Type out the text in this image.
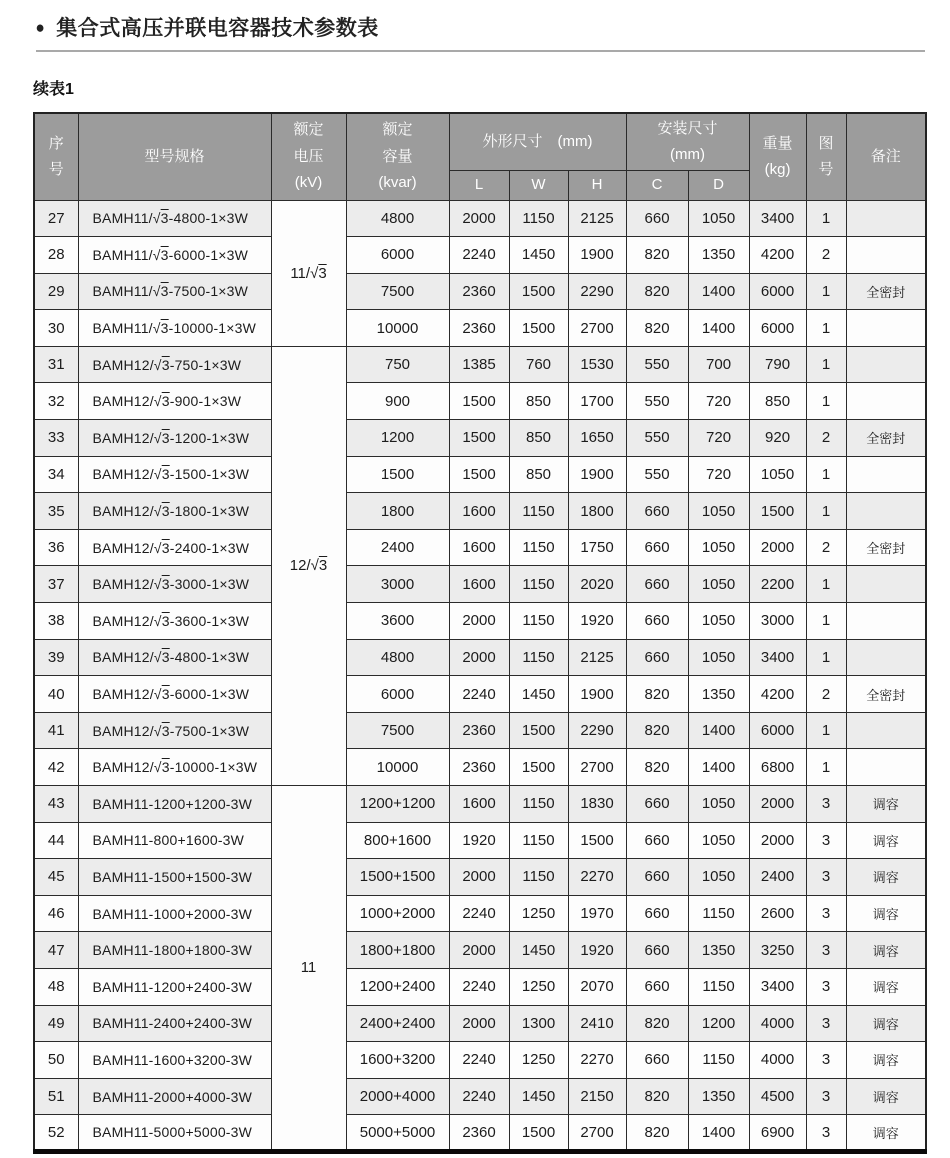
● 集合式高压并联电容器技术参数表
续表1
序
号	型号规格	额定
电压
(kV)	额定
容量
(kvar)	外形尺寸　(mm)			安装尺寸
(mm)		重量
(kg)	图
号	备注
				L	W	H	C	D			
27	BAMH11/√3-4800-1×3W	11/√3	4800	2000	1150	2125	660	1050	3400	1	
28	BAMH11/√3-6000-1×3W		6000	2240	1450	1900	820	1350	4200	2	
29	BAMH11/√3-7500-1×3W		7500	2360	1500	2290	820	1400	6000	1	全密封
30	BAMH11/√3-10000-1×3W		10000	2360	1500	2700	820	1400	6000	1	
31	BAMH12/√3-750-1×3W	12/√3	750	1385	760	1530	550	700	790	1	
32	BAMH12/√3-900-1×3W		900	1500	850	1700	550	720	850	1	
33	BAMH12/√3-1200-1×3W		1200	1500	850	1650	550	720	920	2	全密封
34	BAMH12/√3-1500-1×3W		1500	1500	850	1900	550	720	1050	1	
35	BAMH12/√3-1800-1×3W		1800	1600	1150	1800	660	1050	1500	1	
36	BAMH12/√3-2400-1×3W		2400	1600	1150	1750	660	1050	2000	2	全密封
37	BAMH12/√3-3000-1×3W		3000	1600	1150	2020	660	1050	2200	1	
38	BAMH12/√3-3600-1×3W		3600	2000	1150	1920	660	1050	3000	1	
39	BAMH12/√3-4800-1×3W		4800	2000	1150	2125	660	1050	3400	1	
40	BAMH12/√3-6000-1×3W		6000	2240	1450	1900	820	1350	4200	2	全密封
41	BAMH12/√3-7500-1×3W		7500	2360	1500	2290	820	1400	6000	1	
42	BAMH12/√3-10000-1×3W		10000	2360	1500	2700	820	1400	6800	1	
43	BAMH11-1200+1200-3W	11	1200+1200	1600	1150	1830	660	1050	2000	3	调容
44	BAMH11-800+1600-3W		800+1600	1920	1150	1500	660	1050	2000	3	调容
45	BAMH11-1500+1500-3W		1500+1500	2000	1150	2270	660	1050	2400	3	调容
46	BAMH11-1000+2000-3W		1000+2000	2240	1250	1970	660	1150	2600	3	调容
47	BAMH11-1800+1800-3W		1800+1800	2000	1450	1920	660	1350	3250	3	调容
48	BAMH11-1200+2400-3W		1200+2400	2240	1250	2070	660	1150	3400	3	调容
49	BAMH11-2400+2400-3W		2400+2400	2000	1300	2410	820	1200	4000	3	调容
50	BAMH11-1600+3200-3W		1600+3200	2240	1250	2270	660	1150	4000	3	调容
51	BAMH11-2000+4000-3W		2000+4000	2240	1450	2150	820	1350	4500	3	调容
52	BAMH11-5000+5000-3W		5000+5000	2360	1500	2700	820	1400	6900	3	调容
